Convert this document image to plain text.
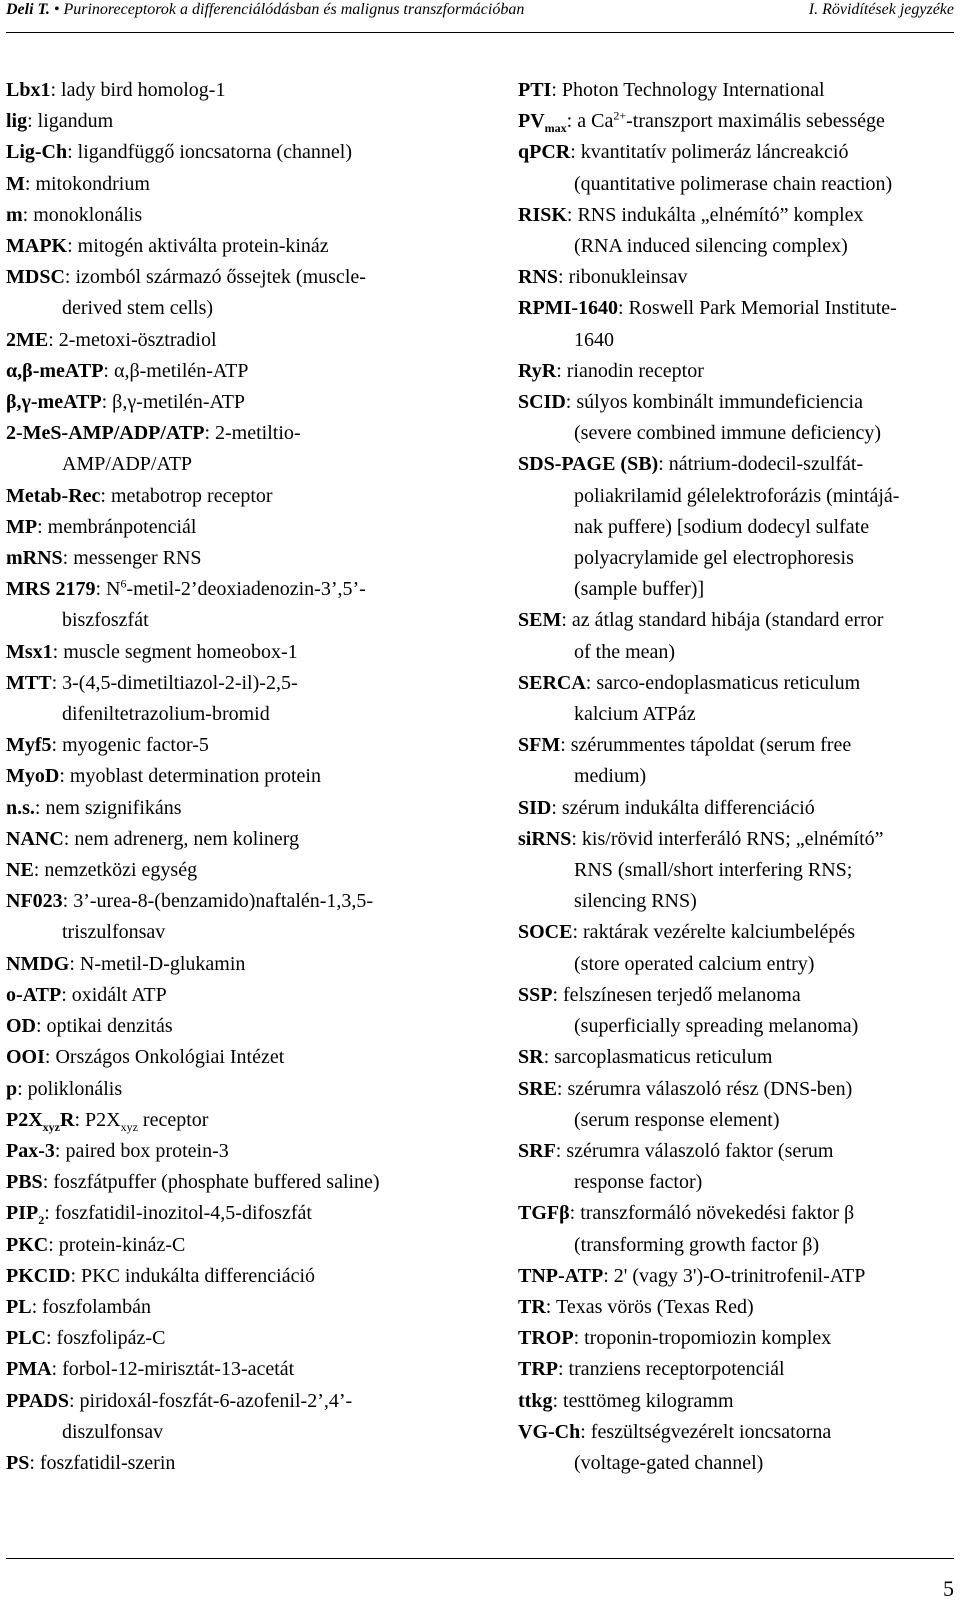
Deli T. • Purinoreceptorok a differenciálódásban és malignus transzformációban	I. Rövidítések jegyzéke
Lbx1: lady bird homolog-1
lig: ligandum
Lig-Ch: ligandfüggő ioncsatorna (channel)
M: mitokondrium
m: monoklonális
MAPK: mitogén aktiválta protein-kináz
MDSC: izomból származó őssejtek (muscle-
derived stem cells)
2ME: 2-metoxi-ösztradiol
α,β-meATP: α,β-metilén-ATP
β,γ-meATP: β,γ-metilén-ATP
2-MeS-AMP/ADP/ATP: 2-metiltio-
AMP/ADP/ATP
Metab-Rec: metabotrop receptor
MP: membránpotenciál
mRNS: messenger RNS
MRS 2179: $N^6-metil-2’deoxiadenozin-3’,5’-$
biszfoszfát
Msx1: muscle segment homeobox-1
MTT: 3-(4,5-dimetiltiazol-2-il)-2,5-
difeniltetrazolium-bromid
Myf5: myogenic factor-5
MyoD: myoblast determination protein
n.s.: nem szignifikáns
NANC: nem adrenerg, nem kolinerg
NE: nemzetközi egység
NF023: 3’-urea-8-(benzamido)naftalén-1,3,5-
triszulfonsav
NMDG: N-metil-D-glukamin
o-ATP: oxidált ATP
OD: optikai denzitás
OOI: Országos Onkológiai Intézet
p: poliklonális
$P2X_{xyz}R$: $P2X_{xyz}$ receptor
Pax-3: paired box protein-3
PBS: foszfátpuffer (phosphate buffered saline)
$PIP_2$: foszfatidil-inozitol-4,5-difoszfát
PKC: protein-kináz-C
PKCID: PKC indukálta differenciáció
PL: foszfolambán
PLC: foszfolipáz-C
PMA: forbol-12-mirisztát-13-acetát
PPADS: piridoxál-foszfát-6-azofenil-2’,4’-
diszulfonsav
PS: foszfatidil-szerin
PTI: Photon Technology International
$PV_{max}$: a $Ca^{2+}$-transzport maximális sebessége
qPCR: kvantitatív polimeráz láncreakció
(quantitative polimerase chain reaction)
RISK: RNS indukálta „elnémító” komplex
(RNA induced silencing complex)
RNS: ribonukleinsav
RPMI-1640: Roswell Park Memorial Institute-
1640
RyR: rianodin receptor
SCID: súlyos kombinált immundeficiencia
(severe combined immune deficiency)
SDS-PAGE (SB): nátrium-dodecil-szulfát-
poliakrilamid gélelektroforázis (mintájá-
nak puffere) [sodium dodecyl sulfate
polyacrylamide gel electrophoresis
(sample buffer)]
SEM: az átlag standard hibája (standard error
of the mean)
SERCA: sarco-endoplasmaticus reticulum
kalcium ATPáz
SFM: szérummentes tápoldat (serum free
medium)
SID: szérum indukálta differenciáció
siRNS: kis/rövid interferáló RNS; „elnémító”
RNS (small/short interfering RNS;
silencing RNS)
SOCE: raktárak vezérelte kalciumbelépés
(store operated calcium entry)
SSP: felszínesen terjedő melanoma
(superficially spreading melanoma)
SR: sarcoplasmaticus reticulum
SRE: szérumra válaszoló rész (DNS-ben)
(serum response element)
SRF: szérumra válaszoló faktor (serum
response factor)
TGFβ: transzformáló növekedési faktor β
(transforming growth factor β)
TNP-ATP: 2' (vagy 3')-O-trinitrofenil-ATP
TR: Texas vörös (Texas Red)
TROP: troponin-tropomiozin komplex
TRP: tranziens receptorpotenciál
ttkg: testtömeg kilogramm
VG-Ch: feszültségvezérelt ioncsatorna
(voltage-gated channel)
5
